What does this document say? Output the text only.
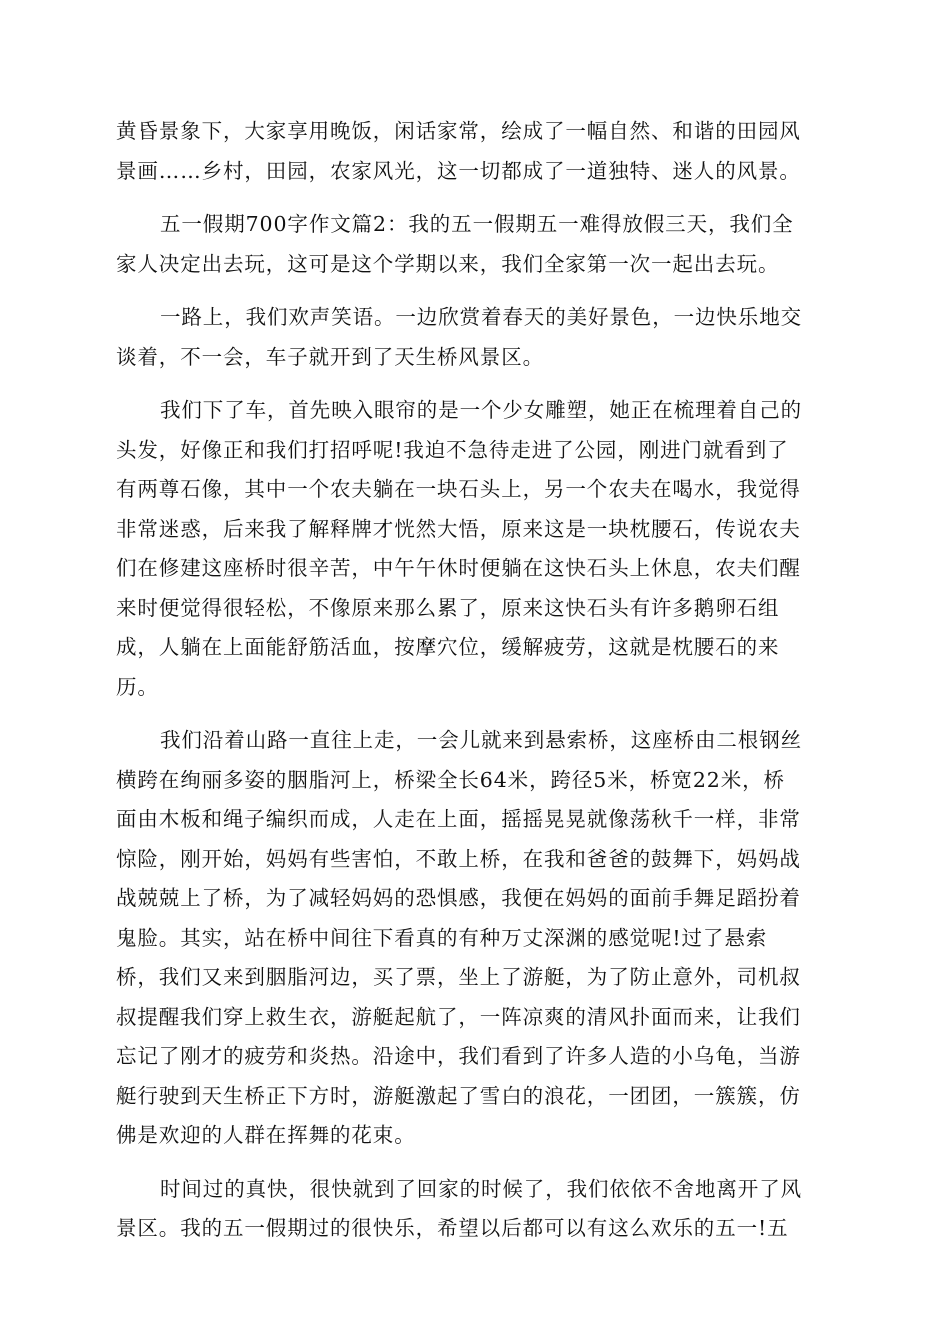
黄昏景象下，大家享用晚饭，闲话家常，绘成了一幅自然、和谐的田园风
景画……乡村，田园，农家风光，这一切都成了一道独特、迷人的风景。

五一假期700字作文篇2：我的五一假期五一难得放假三天，我们全
家人决定出去玩，这可是这个学期以来，我们全家第一次一起出去玩。

一路上，我们欢声笑语。一边欣赏着春天的美好景色，一边快乐地交
谈着，不一会，车子就开到了天生桥风景区。

我们下了车，首先映入眼帘的是一个少女雕塑，她正在梳理着自己的
头发，好像正和我们打招呼呢!我迫不急待走进了公园，刚进门就看到了
有两尊石像，其中一个农夫躺在一块石头上，另一个农夫在喝水，我觉得
非常迷惑，后来我了解释牌才恍然大悟，原来这是一块枕腰石，传说农夫
们在修建这座桥时很辛苦，中午午休时便躺在这快石头上休息，农夫们醒
来时便觉得很轻松，不像原来那么累了，原来这快石头有许多鹅卵石组
成，人躺在上面能舒筋活血，按摩穴位，缓解疲劳，这就是枕腰石的来
历。

我们沿着山路一直往上走，一会儿就来到悬索桥，这座桥由二根钢丝
横跨在绚丽多姿的胭脂河上，桥梁全长64米，跨径5米，桥宽22米，桥
面由木板和绳子编织而成，人走在上面，摇摇晃晃就像荡秋千一样，非常
惊险，刚开始，妈妈有些害怕，不敢上桥，在我和爸爸的鼓舞下，妈妈战
战兢兢上了桥，为了减轻妈妈的恐惧感，我便在妈妈的面前手舞足蹈扮着
鬼脸。其实，站在桥中间往下看真的有种万丈深渊的感觉呢!过了悬索
桥，我们又来到胭脂河边，买了票，坐上了游艇，为了防止意外，司机叔
叔提醒我们穿上救生衣，游艇起航了，一阵凉爽的清风扑面而来，让我们
忘记了刚才的疲劳和炎热。沿途中，我们看到了许多人造的小乌龟，当游
艇行驶到天生桥正下方时，游艇激起了雪白的浪花，一团团，一簇簇，仿
佛是欢迎的人群在挥舞的花束。

时间过的真快，很快就到了回家的时候了，我们依依不舍地离开了风
景区。我的五一假期过的很快乐，希望以后都可以有这么欢乐的五一!五
